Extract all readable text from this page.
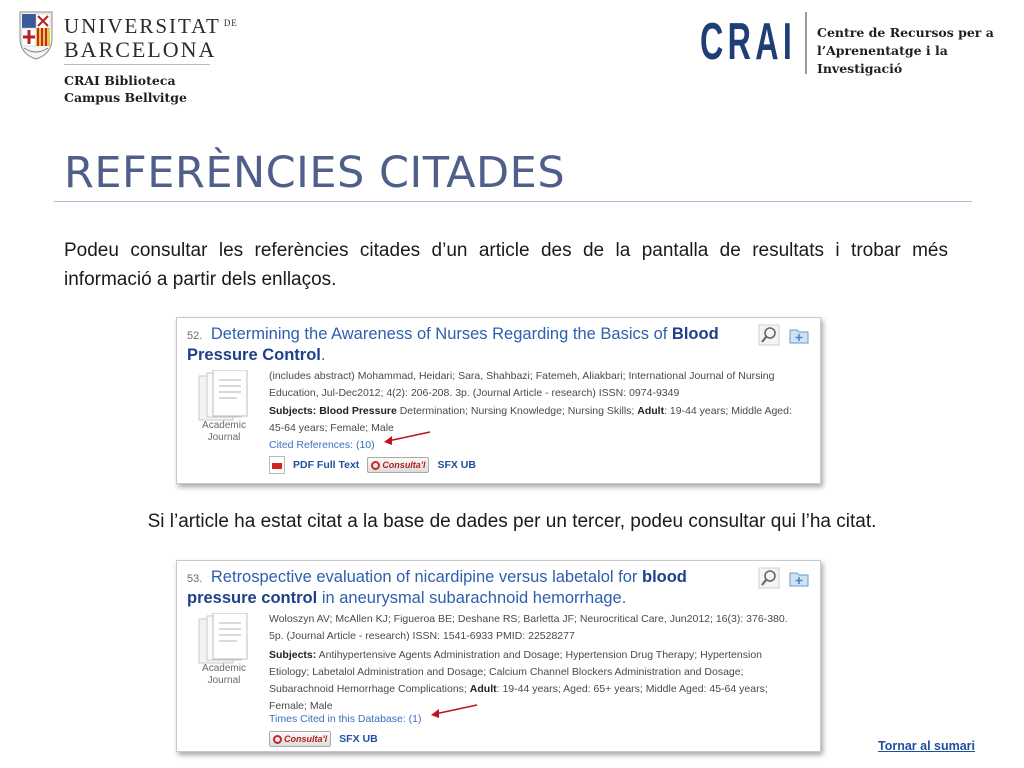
UNIVERSITAT $^{DE}$
BARCELONA
CRAI Biblioteca
Campus Bellvitge
CRAI Centre de Recursos per a
l’Aprenentatge i la Investigació
REFERÈNCIES CITADES
Podeu consultar les referències citades d’un article des de la pantalla de resultats i trobar més informació a partir dels enllaços.
52. Determining the Awareness of Nurses Regarding the Basics of Blood Pressure Control.
Academic Journal
(includes abstract) Mohammad, Heidari; Sara, Shahbazi; Fatemeh, Aliakbari; International Journal of Nursing
Education, Jul-Dec2012; 4(2): 206-208. 3p. (Journal Article - research) ISSN: 0974-9349
Subjects: Blood Pressure Determination; Nursing Knowledge; Nursing Skills; Adult: 19-44 years; Middle Aged:
45-64 years; Female; Male
Cited References: (10)
PDF Full Text	Consulta'l SFX UB
Si l’article ha estat citat a la base de dades per un tercer, podeu consultar qui l’ha citat.
53. Retrospective evaluation of nicardipine versus labetalol for blood pressure control in aneurysmal subarachnoid hemorrhage.
Academic Journal
Woloszyn AV; McAllen KJ; Figueroa BE; Deshane RS; Barletta JF; Neurocritical Care, Jun2012; 16(3): 376-380.
5p. (Journal Article - research) ISSN: 1541-6933 PMID: 22528277
Subjects: Antihypertensive Agents Administration and Dosage; Hypertension Drug Therapy; Hypertension
Etiology; Labetalol Administration and Dosage; Calcium Channel Blockers Administration and Dosage;
Subarachnoid Hemorrhage Complications; Adult: 19-44 years; Aged: 65+ years; Middle Aged: 45-64 years;
Female; Male
Times Cited in this Database: (1)
Consulta'l SFX UB	Tornar al sumari
